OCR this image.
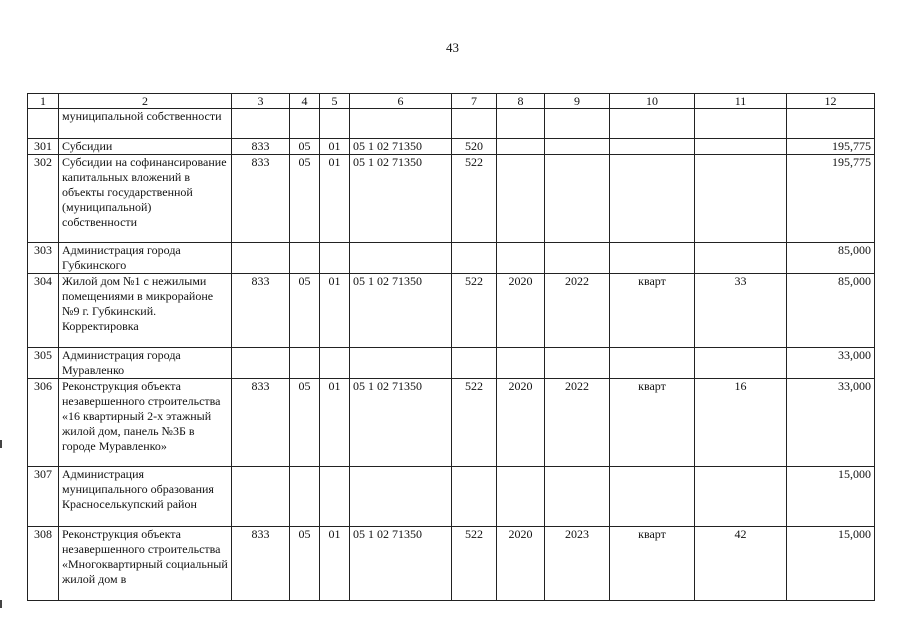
43
1	2	3	4	5	6	7	8	9	10	11	12
	муниципальной собственности										
301	Субсидии	833	05	01	05 1 02 71350	520					195,775
302	Субсидии на софинансирование капитальных вложений в объекты государственной (муниципальной) собственности	833	05	01	05 1 02 71350	522					195,775
303	Администрация города Губкинского										85,000
304	Жилой дом №1 с нежилыми помещениями в микрорайоне №9 г. Губкинский. Корректировка	833	05	01	05 1 02 71350	522	2020	2022	кварт	33	85,000
305	Администрация города Муравленко										33,000
306	Реконструкция объекта незавершенного строительства «16 квартирный 2-х этажный жилой дом, панель №3Б в городе Муравленко»	833	05	01	05 1 02 71350	522	2020	2022	кварт	16	33,000
307	Администрация муниципального образования Красноселькупский район										15,000
308	Реконструкция объекта незавершенного строительства «Многоквартирный социальный жилой дом в	833	05	01	05 1 02 71350	522	2020	2023	кварт	42	15,000
